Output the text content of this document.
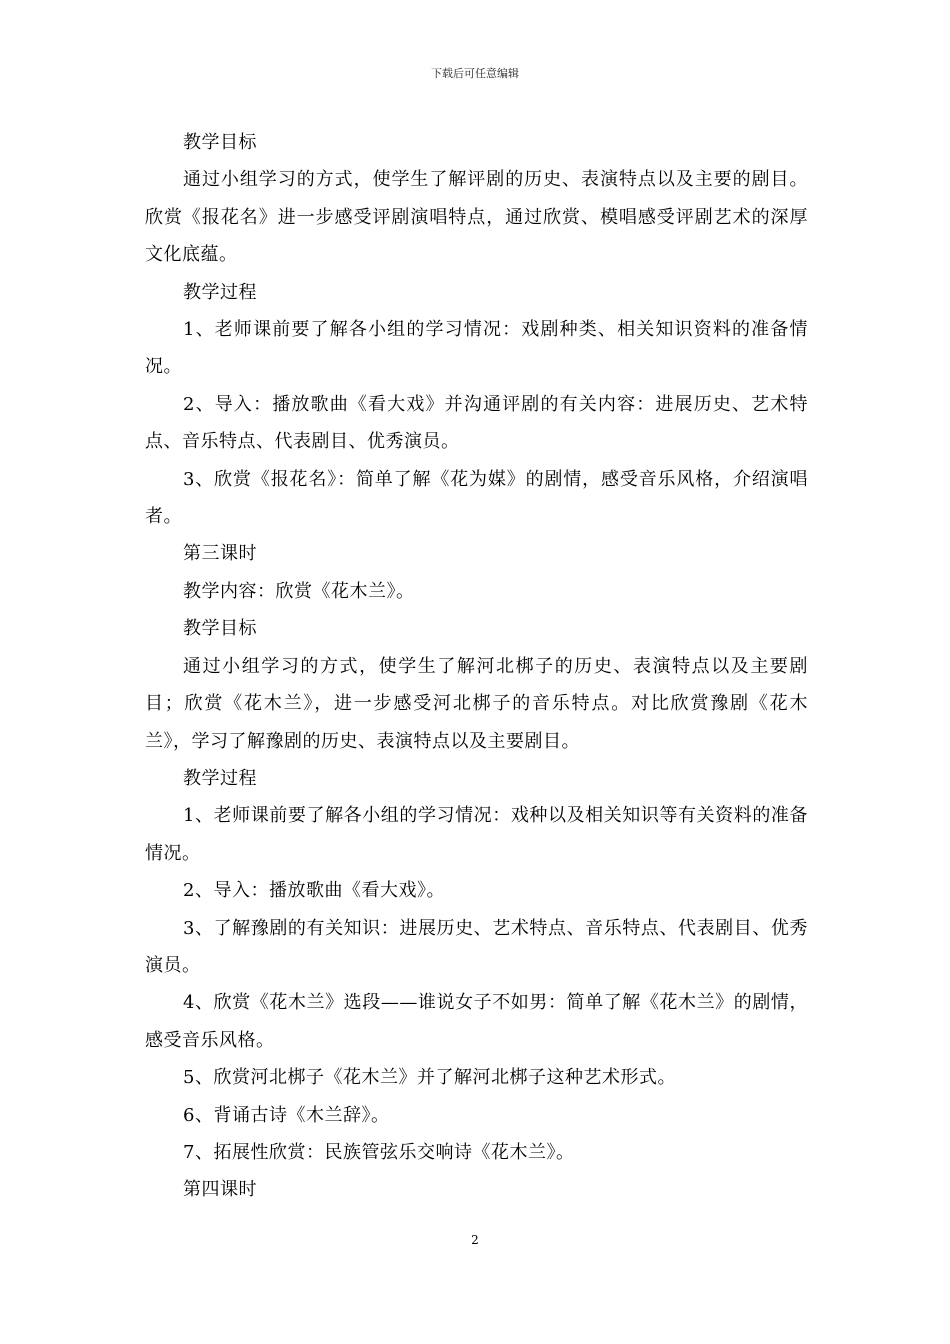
下载后可任意编辑

教学目标

通过小组学习的方式，使学生了解评剧的历史、表演特点以及主要的剧目。欣赏《报花名》进一步感受评剧演唱特点，通过欣赏、模唱感受评剧艺术的深厚文化底蕴。

教学过程

1、老师课前要了解各小组的学习情况：戏剧种类、相关知识资料的准备情况。

2、导入：播放歌曲《看大戏》并沟通评剧的有关内容：进展历史、艺术特点、音乐特点、代表剧目、优秀演员。

3、欣赏《报花名》：简单了解《花为媒》的剧情，感受音乐风格，介绍演唱者。

第三课时

教学内容：欣赏《花木兰》。

教学目标

通过小组学习的方式，使学生了解河北梆子的历史、表演特点以及主要剧目；欣赏《花木兰》，进一步感受河北梆子的音乐特点。对比欣赏豫剧《花木兰》，学习了解豫剧的历史、表演特点以及主要剧目。

教学过程

1、老师课前要了解各小组的学习情况：戏种以及相关知识等有关资料的准备情况。

2、导入：播放歌曲《看大戏》。

3、了解豫剧的有关知识：进展历史、艺术特点、音乐特点、代表剧目、优秀演员。

4、欣赏《花木兰》选段——谁说女子不如男：简单了解《花木兰》的剧情，感受音乐风格。

5、欣赏河北梆子《花木兰》并了解河北梆子这种艺术形式。

6、背诵古诗《木兰辞》。

7、拓展性欣赏：民族管弦乐交响诗《花木兰》。

第四课时

2
